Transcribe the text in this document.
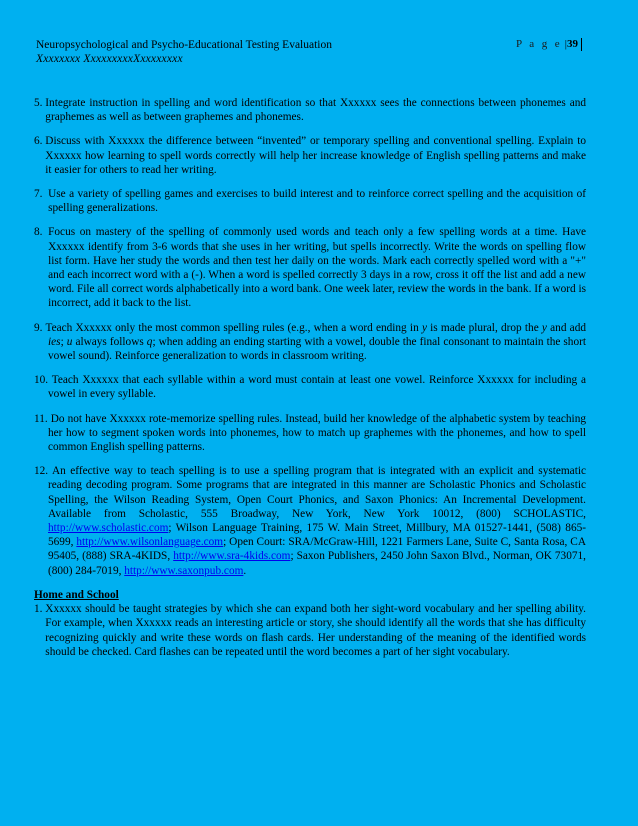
Neuropsychological and Psycho-Educational Testing Evaluation
Xxxxxxxx XxxxxxxxxXxxxxxxxx
P a g e |39
5. Integrate instruction in spelling and word identification so that Xxxxxx sees the connections between phonemes and graphemes as well as between graphemes and phonemes.
6. Discuss with Xxxxxx the difference between “invented” or temporary spelling and conventional spelling. Explain to Xxxxxx how learning to spell words correctly will help her increase knowledge of English spelling patterns and make it easier for others to read her writing.
7. Use a variety of spelling games and exercises to build interest and to reinforce correct spelling and the acquisition of spelling generalizations.
8. Focus on mastery of the spelling of commonly used words and teach only a few spelling words at a time. Have Xxxxxx identify from 3-6 words that she uses in her writing, but spells incorrectly. Write the words on spelling flow list form. Have her study the words and then test her daily on the words. Mark each correctly spelled word with a "+" and each incorrect word with a (-). When a word is spelled correctly 3 days in a row, cross it off the list and add a new word. File all correct words alphabetically into a word bank. One week later, review the words in the bank. If a word is incorrect, add it back to the list.
9. Teach Xxxxxx only the most common spelling rules (e.g., when a word ending in y is made plural, drop the y and add ies; u always follows q; when adding an ending starting with a vowel, double the final consonant to maintain the short vowel sound). Reinforce generalization to words in classroom writing.
10. Teach Xxxxxx that each syllable within a word must contain at least one vowel. Reinforce Xxxxxx for including a vowel in every syllable.
11. Do not have Xxxxxx rote-memorize spelling rules. Instead, build her knowledge of the alphabetic system by teaching her how to segment spoken words into phonemes, how to match up graphemes with the phonemes, and how to spell common English spelling patterns.
12. An effective way to teach spelling is to use a spelling program that is integrated with an explicit and systematic reading decoding program. Some programs that are integrated in this manner are Scholastic Phonics and Scholastic Spelling, the Wilson Reading System, Open Court Phonics, and Saxon Phonics: An Incremental Development. Available from Scholastic, 555 Broadway, New York, New York 10012, (800) SCHOLASTIC, http://www.scholastic.com; Wilson Language Training, 175 W. Main Street, Millbury, MA 01527-1441, (508) 865-5699, http://www.wilsonlanguage.com; Open Court: SRA/McGraw-Hill, 1221 Farmers Lane, Suite C, Santa Rosa, CA 95405, (888) SRA-4KIDS, http://www.sra-4kids.com; Saxon Publishers, 2450 John Saxon Blvd., Norman, OK 73071, (800) 284-7019, http://www.saxonpub.com.
Home and School
1. Xxxxxx should be taught strategies by which she can expand both her sight-word vocabulary and her spelling ability. For example, when Xxxxxx reads an interesting article or story, she should identify all the words that she has difficulty recognizing quickly and write these words on flash cards. Her understanding of the meaning of the identified words should be checked. Card flashes can be repeated until the word becomes a part of her sight vocabulary.
